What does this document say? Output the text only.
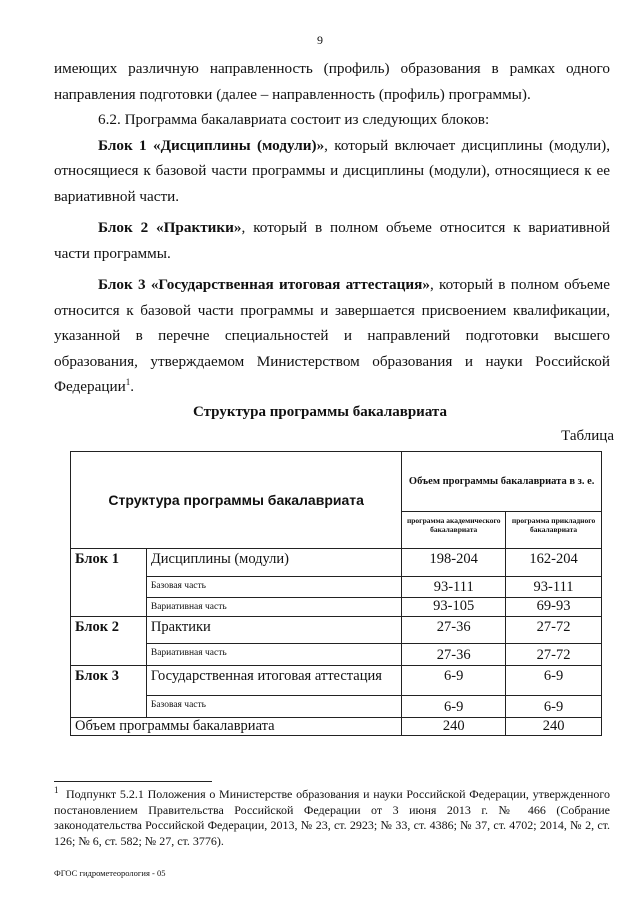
9

имеющих различную направленность (профиль) образования в рамках одного направления подготовки (далее – направленность (профиль) программы).

6.2. Программа бакалавриата состоит из следующих блоков:

Блок 1 «Дисциплины (модули)», который включает дисциплины (модули), относящиеся к базовой части программы и дисциплины (модули), относящиеся к ее вариативной части.

Блок 2 «Практики», который в полном объеме относится к вариативной части программы.

Блок 3 «Государственная итоговая аттестация», который в полном объеме относится к базовой части программы и завершается присвоением квалификации, указанной в перечне специальностей и направлений подготовки высшего образования, утверждаемом Министерством образования и науки Российской Федерации$^1$.

Структура программы бакалавриата
Таблица
Структура программы бакалавриата		Объем программы бакалавриата в з. е.	
		программа академического бакалавриата	программа прикладного бакалавриата
Блок 1	Дисциплины (модули)	198-204	162-204
	Базовая часть	93-111	93-111
	Вариативная часть	93-105	69-93
Блок 2	Практики	27-36	27-72
	Вариативная часть	27-36	27-72
Блок 3	Государственная итоговая аттестация	6-9	6-9
	Базовая часть	6-9	6-9
Объем программы бакалавриата		240	240
$^1$ Подпункт 5.2.1 Положения о Министерстве образования и науки Российской Федерации, утвержденного постановлением Правительства Российской Федерации от 3 июня 2013 г. № 466 (Собрание законодательства Российской Федерации, 2013, № 23, ст. 2923; № 33, ст. 4386; № 37, ст. 4702; 2014, № 2, ст. 126; № 6, ст. 582; № 27, ст. 3776).
ФГОС гидрометеорология - 05
